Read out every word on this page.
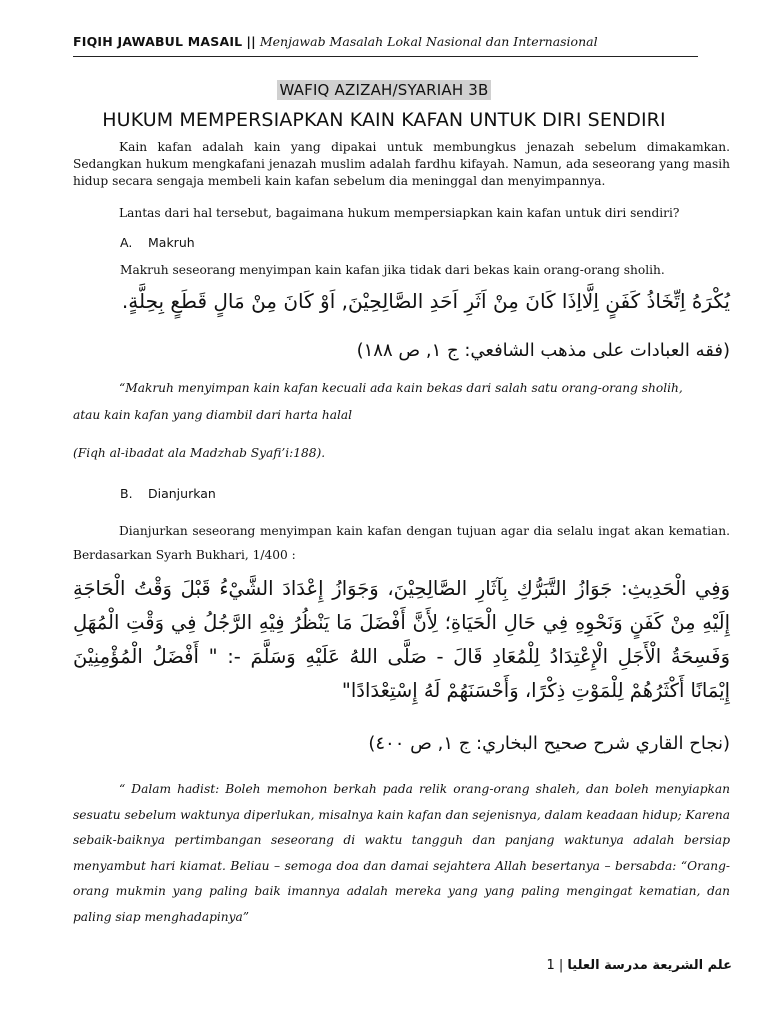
FIQIH JAWABUL MASAIL || Menjawab Masalah Lokal Nasional dan Internasional
WAFIQ AZIZAH/SYARIAH 3B
HUKUM MEMPERSIAPKAN KAIN KAFAN UNTUK DIRI SENDIRI

Kain kafan adalah kain yang dipakai untuk membungkus jenazah sebelum dimakamkan. Sedangkan hukum mengkafani jenazah muslim adalah fardhu kifayah. Namun, ada seseorang yang masih hidup secara sengaja membeli kain kafan sebelum dia meninggal dan menyimpannya.

Lantas dari hal tersebut, bagaimana hukum mempersiapkan kain kafan untuk diri sendiri?

A. Makruh

Makruh seseorang menyimpan kain kafan jika tidak dari bekas kain orang-orang sholih.

يُكْرَهُ اِتِّخَاذُ كَفَنٍ اِلَّااِذَا كَانَ مِنْ اَثَرِ اَحَدِ الصَّالِحِيْنَ, اَوْ كَانَ مِنْ مَالٍ قَطَعٍ بِحِلَّةٍ.
(فقه العبادات على مذهب الشافعي: ج ١, ص ١٨٨)
“Makruh menyimpan kain kafan kecuali ada kain bekas dari salah satu orang-orang sholih,
atau kain kafan yang diambil dari harta halal
(Fiqh al-ibadat ala Madzhab Syafi’i:188).
B. Dianjurkan

Dianjurkan seseorang menyimpan kain kafan dengan tujuan agar dia selalu ingat akan kematian. Berdasarkan Syarh Bukhari, 1/400 :

وَفِي الْحَدِيثِ: جَوَازُ التَّبَرُّكِ بِآثَارِ الصَّالِحِيْنَ، وَجَوَازُ إِعْدَادَ الشَّيْءُ قَبْلَ وَقْتُ الْحَاجَةِ إِلَيْهِ مِنْ كَفَنٍ وَنَحْوِهِ فِي حَالِ الْحَيَاةِ؛ لِأَنَّ أَفْضَلَ مَا يَنْظُرُ فِيْهِ الرَّجُلُ فِي وَقْتِ الْمُهَلِ وَفَسِحَةُ الْأَجَلِ الْإِعْتِدَادُ لِلْمُعَادِ قَالَ - صَلَّى اللهُ عَلَيْهِ وَسَلَّمَ -: " أَفْضَلُ الْمُؤْمِنِيْنَ إِيْمَانًا أَكْثَرُهُمْ لِلْمَوْتِ ذِكْرًا، وَأَحْسَنَهُمْ لَهُ إِسْتِعْدَادًا"
(نجاح القاري شرح صحيح البخاري: ج ١, ص ٤٠٠)

“ Dalam hadist: Boleh memohon berkah pada relik orang-orang shaleh, dan boleh menyiapkan sesuatu sebelum waktunya diperlukan, misalnya kain kafan dan sejenisnya, dalam keadaan hidup; Karena sebaik-baiknya pertimbangan seseorang di waktu tangguh dan panjang waktunya adalah bersiap menyambut hari kiamat. Beliau – semoga doa dan damai sejahtera Allah besertanya – bersabda: “Orang-orang mukmin yang paling baik imannya adalah mereka yang yang paling mengingat kematian, dan paling siap menghadapinya”

علم الشريعة مدرسة العليا | 1
